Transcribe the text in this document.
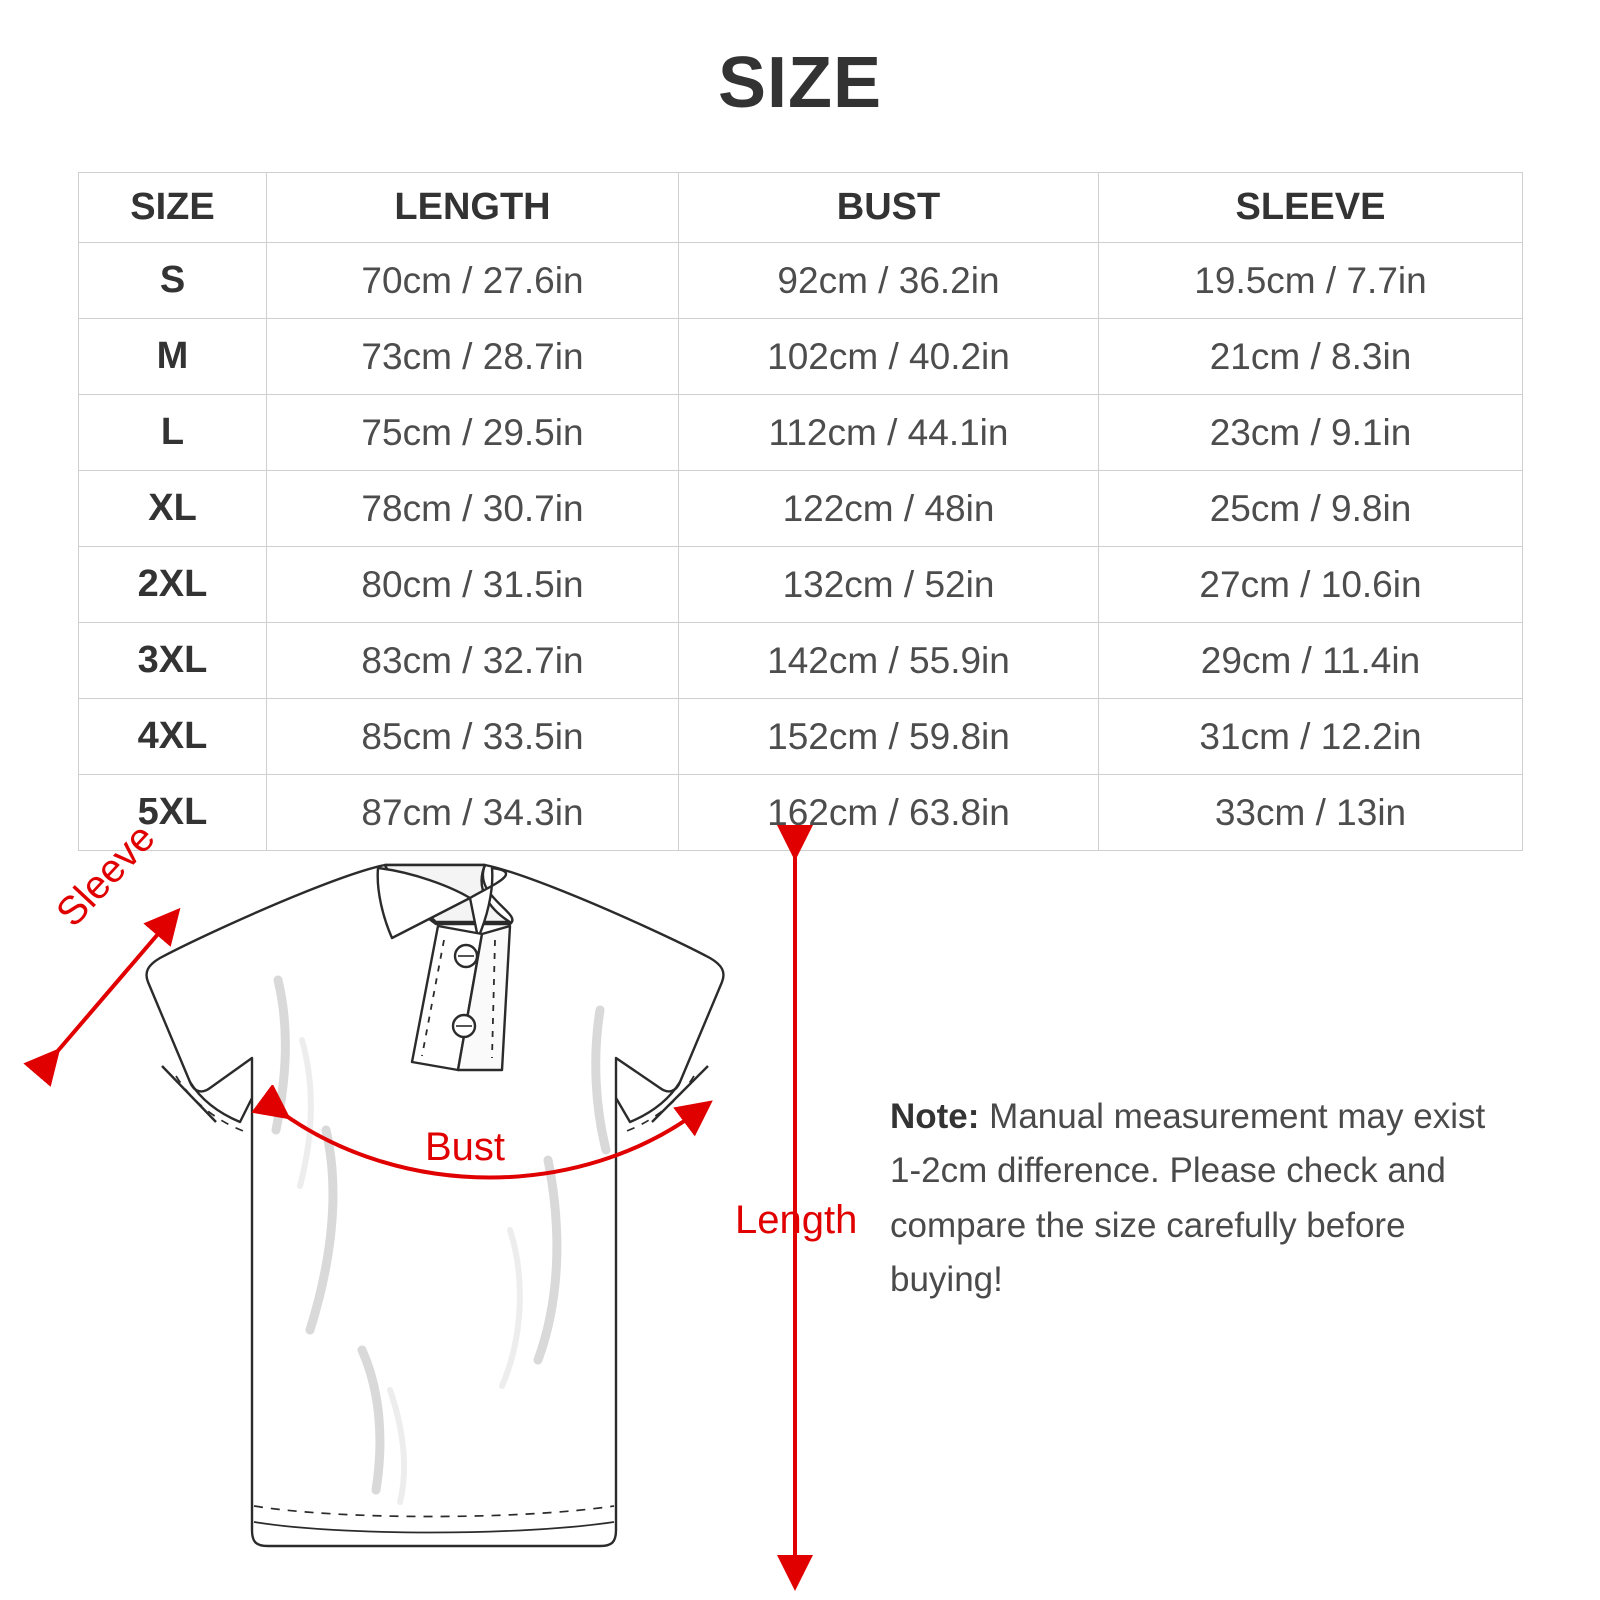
SIZE
SIZE	LENGTH	BUST	SLEEVE
S	70cm / 27.6in	92cm / 36.2in	19.5cm / 7.7in
M	73cm / 28.7in	102cm / 40.2in	21cm / 8.3in
L	75cm / 29.5in	112cm / 44.1in	23cm / 9.1in
XL	78cm / 30.7in	122cm / 48in	25cm / 9.8in
2XL	80cm / 31.5in	132cm / 52in	27cm / 10.6in
3XL	83cm / 32.7in	142cm / 55.9in	29cm / 11.4in
4XL	85cm / 33.5in	152cm / 59.8in	31cm / 12.2in
5XL	87cm / 34.3in	162cm / 63.8in	33cm / 13in
Sleeve
Bust
Length
Note: Manual measurement may exist 1-2cm difference. Please check and compare the size carefully before buying!
